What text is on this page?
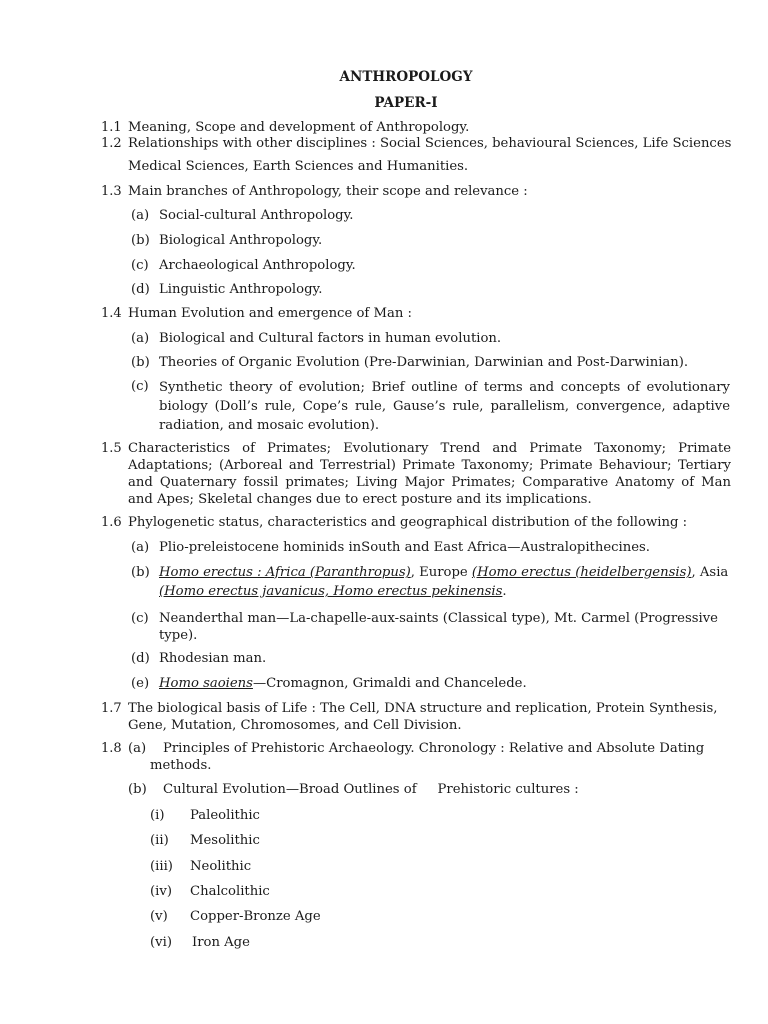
ANTHROPOLOGY
PAPER-I
1.1 Meaning, Scope and development of Anthropology.
1.2 Relationships with other disciplines : Social Sciences, behavioural Sciences, Life Sciences
Medical Sciences, Earth Sciences and Humanities.
1.3 Main branches of Anthropology, their scope and relevance :
(a) Social-cultural Anthropology.
(b) Biological Anthropology.
(c) Archaeological Anthropology.
(d) Linguistic Anthropology.
1.4 Human Evolution and emergence of Man :
(a) Biological and Cultural factors in human evolution.
(b) Theories of Organic Evolution (Pre-Darwinian, Darwinian and Post-Darwinian).
(c) Synthetic theory of evolution; Brief outline of terms and concepts of evolutionary biology (Doll’s rule, Cope’s rule, Gause’s rule, parallelism, convergence, adaptive radiation, and mosaic evolution).
1.5 Characteristics of Primates; Evolutionary Trend and Primate Taxonomy; Primate Adaptations; (Arboreal and Terrestrial) Primate Taxonomy; Primate Behaviour; Tertiary and Quaternary fossil primates; Living Major Primates; Comparative Anatomy of Man and Apes; Skeletal changes due to erect posture and its implications.
1.6 Phylogenetic status, characteristics and geographical distribution of the following :
(a) Plio-preleistocene hominids inSouth and East Africa—Australopithecines.
(b) Homo erectus : Africa (Paranthropus), Europe (Homo erectus (heidelbergensis), Asia
(Homo erectus javanicus, Homo erectus pekinensis.
(c) Neanderthal man—La-chapelle-aux-saints (Classical type), Mt. Carmel (Progressive
type).
(d) Rhodesian man.
(e) Homo saoiens—Cromagnon, Grimaldi and Chancelede.
1.7 The biological basis of Life : The Cell, DNA structure and replication, Protein Synthesis,
Gene, Mutation, Chromosomes, and Cell Division.
1.8 (a) Principles of Prehistoric Archaeology. Chronology : Relative and Absolute Dating
methods.
(b) Cultural Evolution—Broad Outlines of     Prehistoric cultures :
(i) Paleolithic
(ii) Mesolithic
(iii) Neolithic
(iv) Chalcolithic
(v) Copper-Bronze Age
(vi) Iron Age
